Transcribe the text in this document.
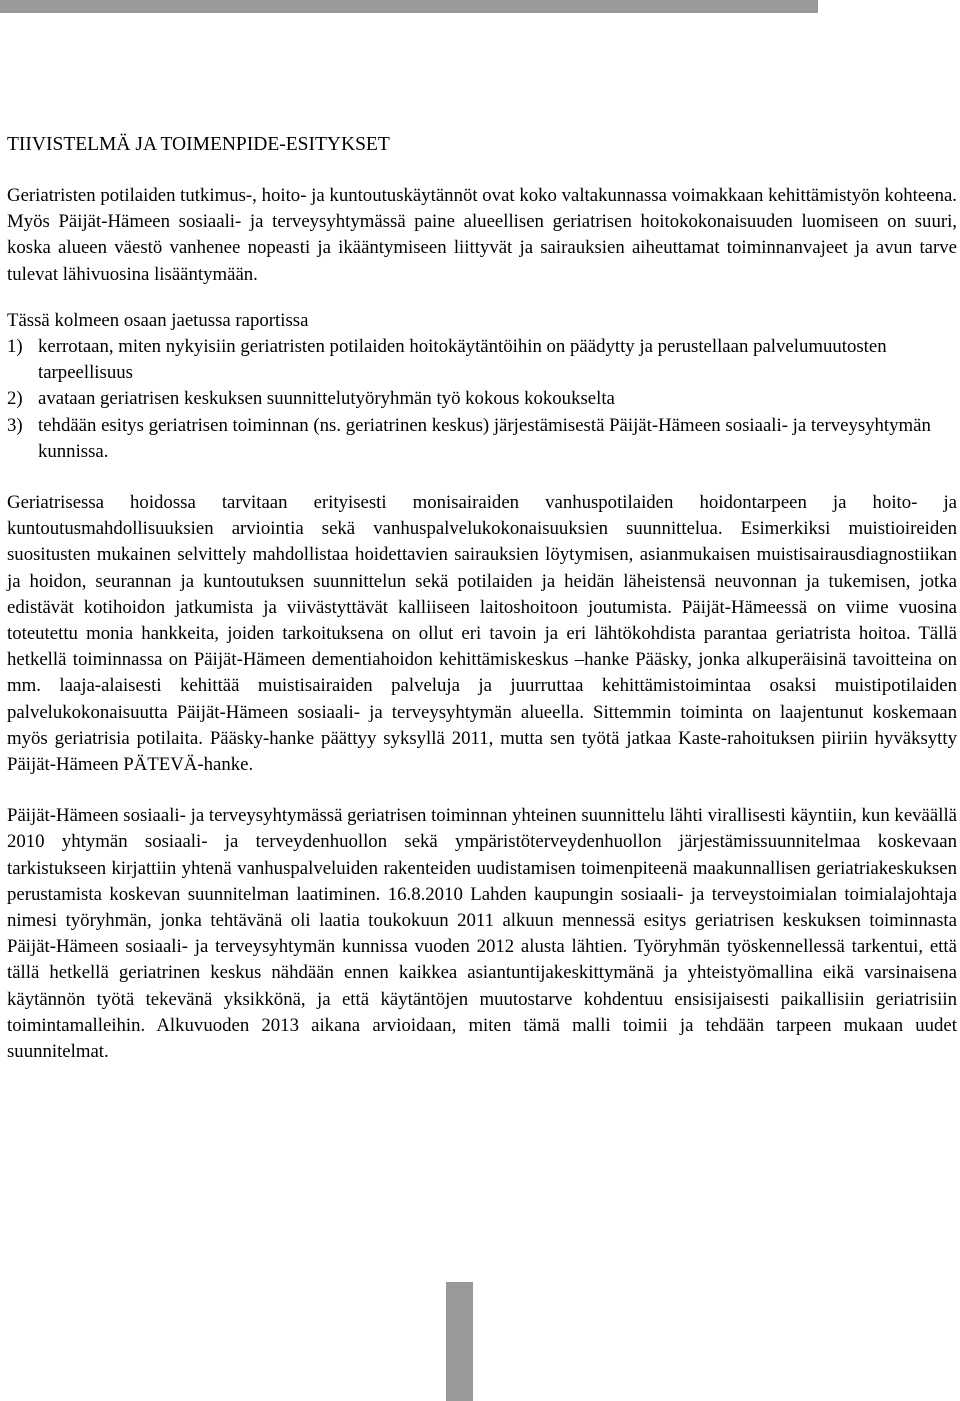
TIIVISTELMÄ JA TOIMENPIDE-ESITYKSET

Geriatristen potilaiden tutkimus-, hoito- ja kuntoutuskäytännöt ovat koko valtakunnassa voimakkaan kehittämistyön kohteena. Myös Päijät-Hämeen sosiaali- ja terveysyhtymässä paine alueellisen geriatrisen hoitokokonaisuuden luomiseen on suuri, koska alueen väestö vanhenee nopeasti ja ikääntymiseen liittyvät ja sairauksien aiheuttamat toiminnanvajeet ja avun tarve tulevat lähivuosina lisääntymään.

Tässä kolmeen osaan jaetussa raportissa

1) kerrotaan, miten nykyisiin geriatristen potilaiden hoitokäytäntöihin on päädytty ja perustellaan palvelumuutosten tarpeellisuus
2) avataan geriatrisen keskuksen suunnittelutyöryhmän työ kokous kokoukselta
3) tehdään esitys geriatrisen toiminnan (ns. geriatrinen keskus) järjestämisestä Päijät-Hämeen sosiaali- ja terveysyhtymän kunnissa.

Geriatrisessa hoidossa tarvitaan erityisesti monisairaiden vanhuspotilaiden hoidontarpeen ja hoito- ja kuntoutusmahdollisuuksien arviointia sekä vanhuspalvelukokonaisuuksien suunnittelua. Esimerkiksi muistioireiden suositusten mukainen selvittely mahdollistaa hoidettavien sairauksien löytymisen, asianmukaisen muistisairausdiagnostiikan ja hoidon, seurannan ja kuntoutuksen suunnittelun sekä potilaiden ja heidän läheistensä neuvonnan ja tukemisen, jotka edistävät kotihoidon jatkumista ja viivästyttävät kalliiseen laitoshoitoon joutumista. Päijät-Hämeessä on viime vuosina toteutettu monia hankkeita, joiden tarkoituksena on ollut eri tavoin ja eri lähtökohdista parantaa geriatrista hoitoa. Tällä hetkellä toiminnassa on Päijät-Hämeen dementiahoidon kehittämiskeskus –hanke Pääsky, jonka alkuperäisinä tavoitteina on mm. laaja-alaisesti kehittää muistisairaiden palveluja ja juurruttaa kehittämistoimintaa osaksi muistipotilaiden palvelukokonaisuutta Päijät-Hämeen sosiaali- ja terveysyhtymän alueella. Sittemmin toiminta on laajentunut koskemaan myös geriatrisia potilaita. Pääsky-hanke päättyy syksyllä 2011, mutta sen työtä jatkaa Kaste-rahoituksen piiriin hyväksytty Päijät-Hämeen PÄTEVÄ-hanke.

Päijät-Hämeen sosiaali- ja terveysyhtymässä geriatrisen toiminnan yhteinen suunnittelu lähti virallisesti käyntiin, kun keväällä 2010 yhtymän sosiaali- ja terveydenhuollon sekä ympäristöterveydenhuollon järjestämissuunnitelmaa koskevaan tarkistukseen kirjattiin yhtenä vanhuspalveluiden rakenteiden uudistamisen toimenpiteenä maakunnallisen geriatriakeskuksen perustamista koskevan suunnitelman laatiminen. 16.8.2010 Lahden kaupungin sosiaali- ja terveystoimialan toimialajohtaja nimesi työryhmän, jonka tehtävänä oli laatia toukokuun 2011 alkuun mennessä esitys geriatrisen keskuksen toiminnasta Päijät-Hämeen sosiaali- ja terveysyhtymän kunnissa vuoden 2012 alusta lähtien. Työryhmän työskennellessä tarkentui, että tällä hetkellä geriatrinen keskus nähdään ennen kaikkea asiantuntijakeskittymänä ja yhteistyömallina eikä varsinaisena käytännön työtä tekevänä yksikkönä, ja että käytäntöjen muutostarve kohdentuu ensisijaisesti paikallisiin geriatrisiin toimintamalleihin. Alkuvuoden 2013 aikana arvioidaan, miten tämä malli toimii ja tehdään tarpeen mukaan uudet suunnitelmat.
